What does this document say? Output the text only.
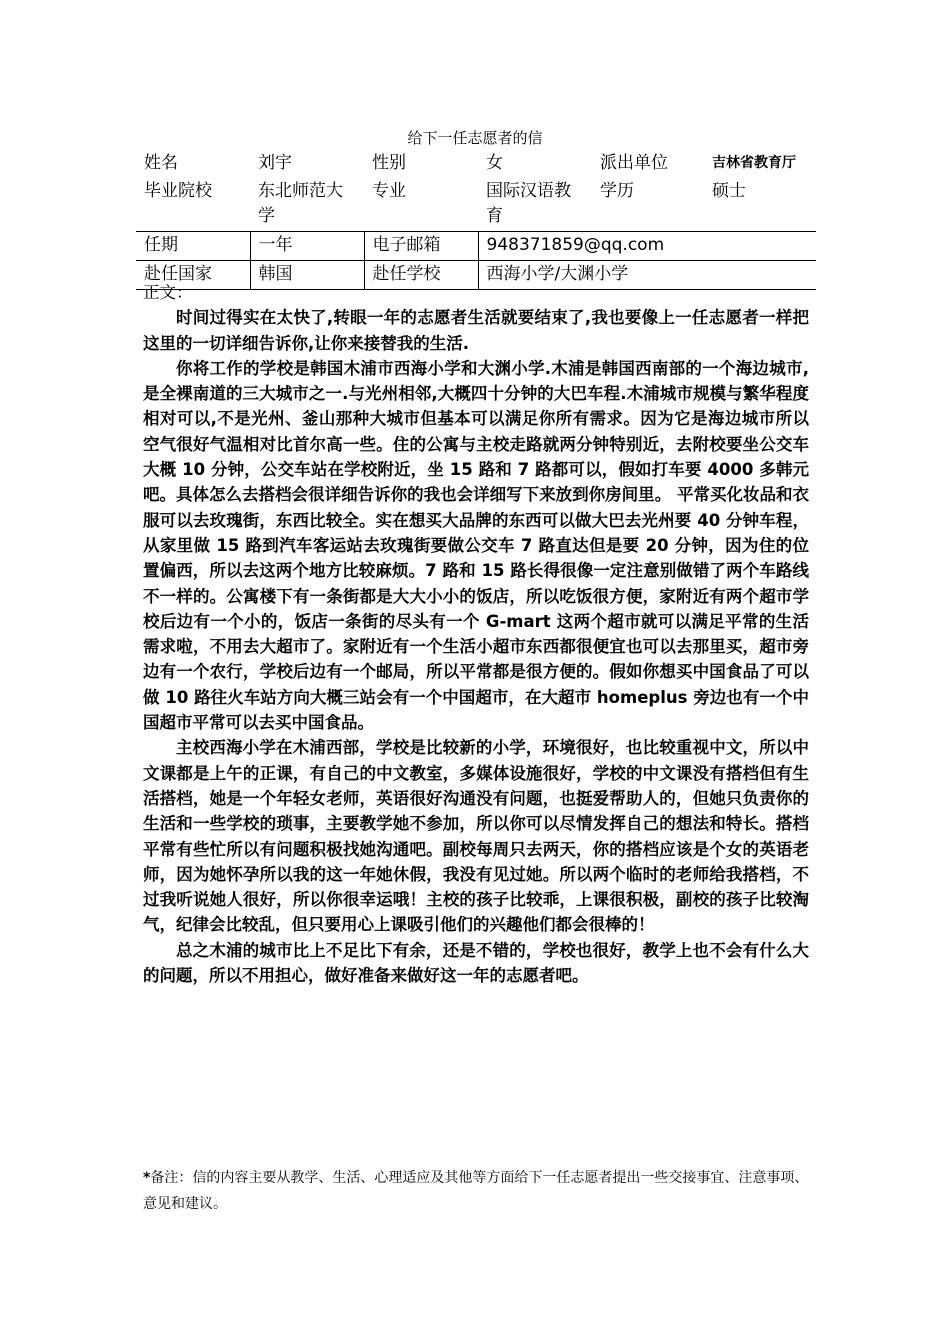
给下一任志愿者的信
姓名	刘宇	性别	女	派出单位	吉林省教育厅
毕业院校	东北师范大学	专业	国际汉语教育	学历	硕士
任期	一年	电子邮箱	948371859@qq.com		
赴任国家	韩国	赴任学校	西海小学/大渊小学		

正文：

时间过得实在太快了,转眼一年的志愿者生活就要结束了,我也要像上一任志愿者一样把这里的一切详细告诉你,让你来接替我的生活.

你将工作的学校是韩国木浦市西海小学和大渊小学.木浦是韩国西南部的一个海边城市,是全裸南道的三大城市之一.与光州相邻,大概四十分钟的大巴车程.木浦城市规模与繁华程度相对可以,不是光州、釜山那种大城市但基本可以满足你所有需求。因为它是海边城市所以空气很好气温相对比首尔高一些。住的公寓与主校走路就两分钟特别近，去附校要坐公交车大概 10 分钟，公交车站在学校附近，坐 15 路和 7 路都可以，假如打车要 4000 多韩元吧。具体怎么去搭档会很详细告诉你的我也会详细写下来放到你房间里。 平常买化妆品和衣服可以去玫瑰街，东西比较全。实在想买大品牌的东西可以做大巴去光州要 40 分钟车程，从家里做 15 路到汽车客运站去玫瑰街要做公交车 7 路直达但是要 20 分钟，因为住的位置偏西，所以去这两个地方比较麻烦。7 路和 15 路长得很像一定注意别做错了两个车路线不一样的。公寓楼下有一条街都是大大小小的饭店，所以吃饭很方便，家附近有两个超市学校后边有一个小的，饭店一条街的尽头有一个 G-mart 这两个超市就可以满足平常的生活需求啦，不用去大超市了。家附近有一个生活小超市东西都很便宜也可以去那里买，超市旁边有一个农行，学校后边有一个邮局，所以平常都是很方便的。假如你想买中国食品了可以做 10 路往火车站方向大概三站会有一个中国超市，在大超市 homeplus 旁边也有一个中国超市平常可以去买中国食品。

主校西海小学在木浦西部，学校是比较新的小学，环境很好，也比较重视中文，所以中文课都是上午的正课，有自己的中文教室，多媒体设施很好，学校的中文课没有搭档但有生活搭档，她是一个年轻女老师，英语很好沟通没有问题，也挺爱帮助人的，但她只负责你的生活和一些学校的琐事，主要教学她不参加，所以你可以尽情发挥自己的想法和特长。搭档平常有些忙所以有问题积极找她沟通吧。副校每周只去两天，你的搭档应该是个女的英语老师，因为她怀孕所以我的这一年她休假，我没有见过她。所以两个临时的老师给我搭档，不过我听说她人很好，所以你很幸运哦！主校的孩子比较乖，上课很积极，副校的孩子比较淘气，纪律会比较乱，但只要用心上课吸引他们的兴趣他们都会很棒的！

总之木浦的城市比上不足比下有余，还是不错的，学校也很好，教学上也不会有什么大的问题，所以不用担心，做好准备来做好这一年的志愿者吧。

*备注：信的内容主要从教学、生活、心理适应及其他等方面给下一任志愿者提出一些交接事宜、注意事项、意见和建议。
